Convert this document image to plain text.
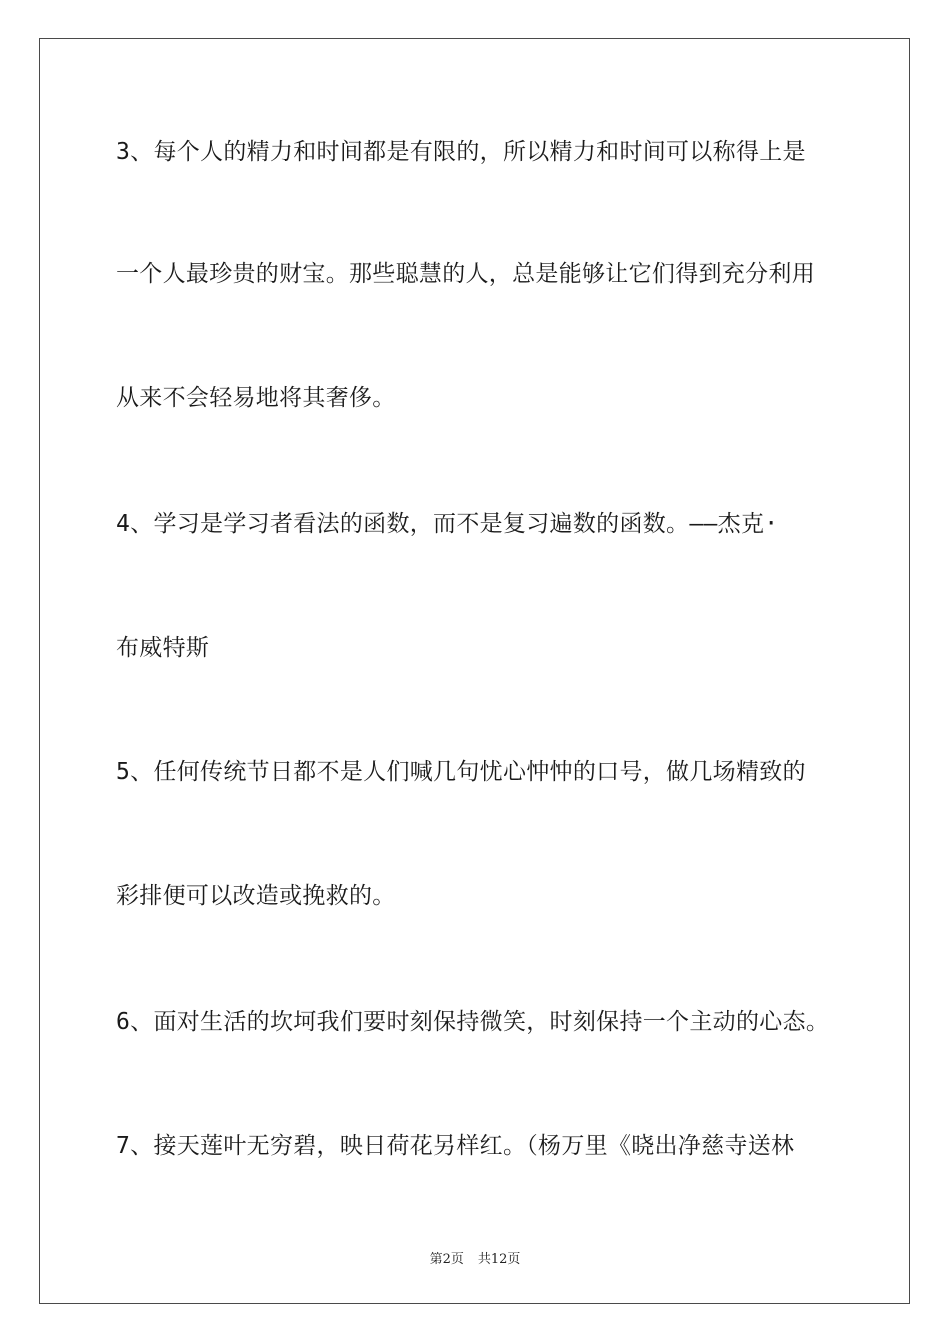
3、每个人的精力和时间都是有限的，所以精力和时间可以称得上是
一个人最珍贵的财宝。那些聪慧的人，总是能够让它们得到充分利用
从来不会轻易地将其奢侈。
4、学习是学习者看法的函数，而不是复习遍数的函数。——杰克·
布威特斯
5、任何传统节日都不是人们喊几句忧心忡忡的口号，做几场精致的
彩排便可以改造或挽救的。
6、面对生活的坎坷我们要时刻保持微笑，时刻保持一个主动的心态。
7、接天莲叶无穷碧，映日荷花另样红。（杨万里《晓出净慈寺送林
第2页 共12页
